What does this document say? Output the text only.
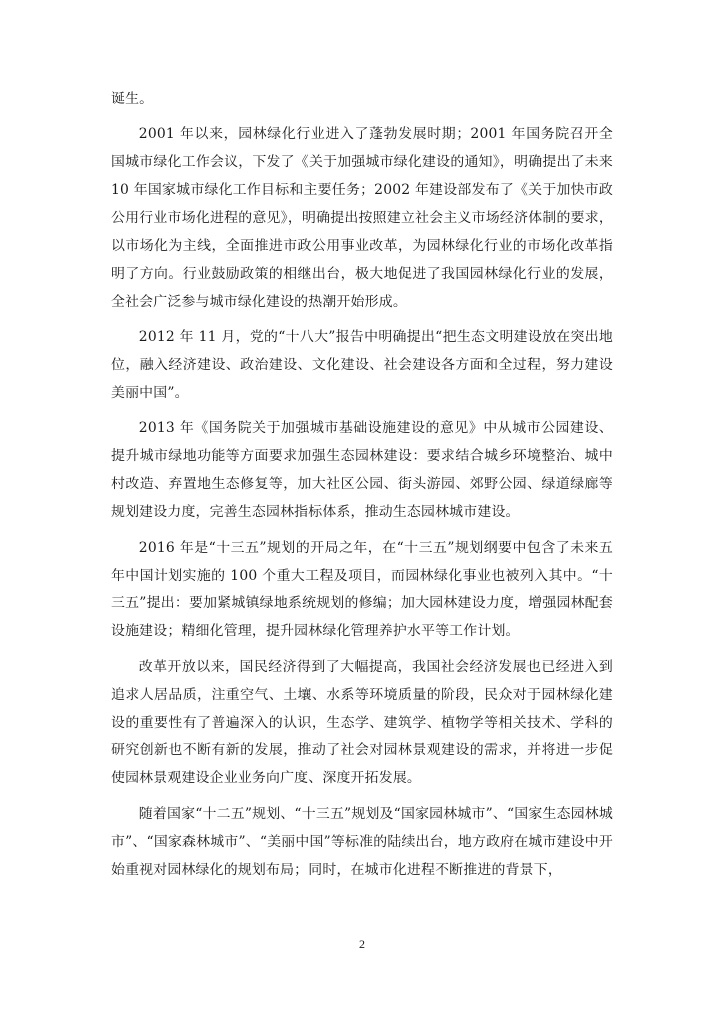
诞生。

2001 年以来，园林绿化行业进入了蓬勃发展时期；2001 年国务院召开全国城市绿化工作会议，下发了《关于加强城市绿化建设的通知》，明确提出了未来 10 年国家城市绿化工作目标和主要任务；2002 年建设部发布了《关于加快市政公用行业市场化进程的意见》，明确提出按照建立社会主义市场经济体制的要求，以市场化为主线，全面推进市政公用事业改革，为园林绿化行业的市场化改革指明了方向。行业鼓励政策的相继出台，极大地促进了我国园林绿化行业的发展，全社会广泛参与城市绿化建设的热潮开始形成。

2012 年 11 月，党的“十八大”报告中明确提出“把生态文明建设放在突出地位，融入经济建设、政治建设、文化建设、社会建设各方面和全过程，努力建设美丽中国”。

2013 年《国务院关于加强城市基础设施建设的意见》中从城市公园建设、提升城市绿地功能等方面要求加强生态园林建设：要求结合城乡环境整治、城中村改造、弃置地生态修复等，加大社区公园、街头游园、郊野公园、绿道绿廊等规划建设力度，完善生态园林指标体系，推动生态园林城市建设。

2016 年是“十三五”规划的开局之年，在“十三五”规划纲要中包含了未来五年中国计划实施的 100 个重大工程及项目，而园林绿化事业也被列入其中。“十三五”提出：要加紧城镇绿地系统规划的修编；加大园林建设力度，增强园林配套设施建设；精细化管理，提升园林绿化管理养护水平等工作计划。

改革开放以来，国民经济得到了大幅提高，我国社会经济发展也已经进入到追求人居品质，注重空气、土壤、水系等环境质量的阶段，民众对于园林绿化建设的重要性有了普遍深入的认识，生态学、建筑学、植物学等相关技术、学科的研究创新也不断有新的发展，推动了社会对园林景观建设的需求，并将进一步促使园林景观建设企业业务向广度、深度开拓发展。

随着国家“十二五”规划、“十三五”规划及“国家园林城市”、“国家生态园林城市”、“国家森林城市”、“美丽中国”等标准的陆续出台，地方政府在城市建设中开始重视对园林绿化的规划布局；同时，在城市化进程不断推进的背景下，

2
